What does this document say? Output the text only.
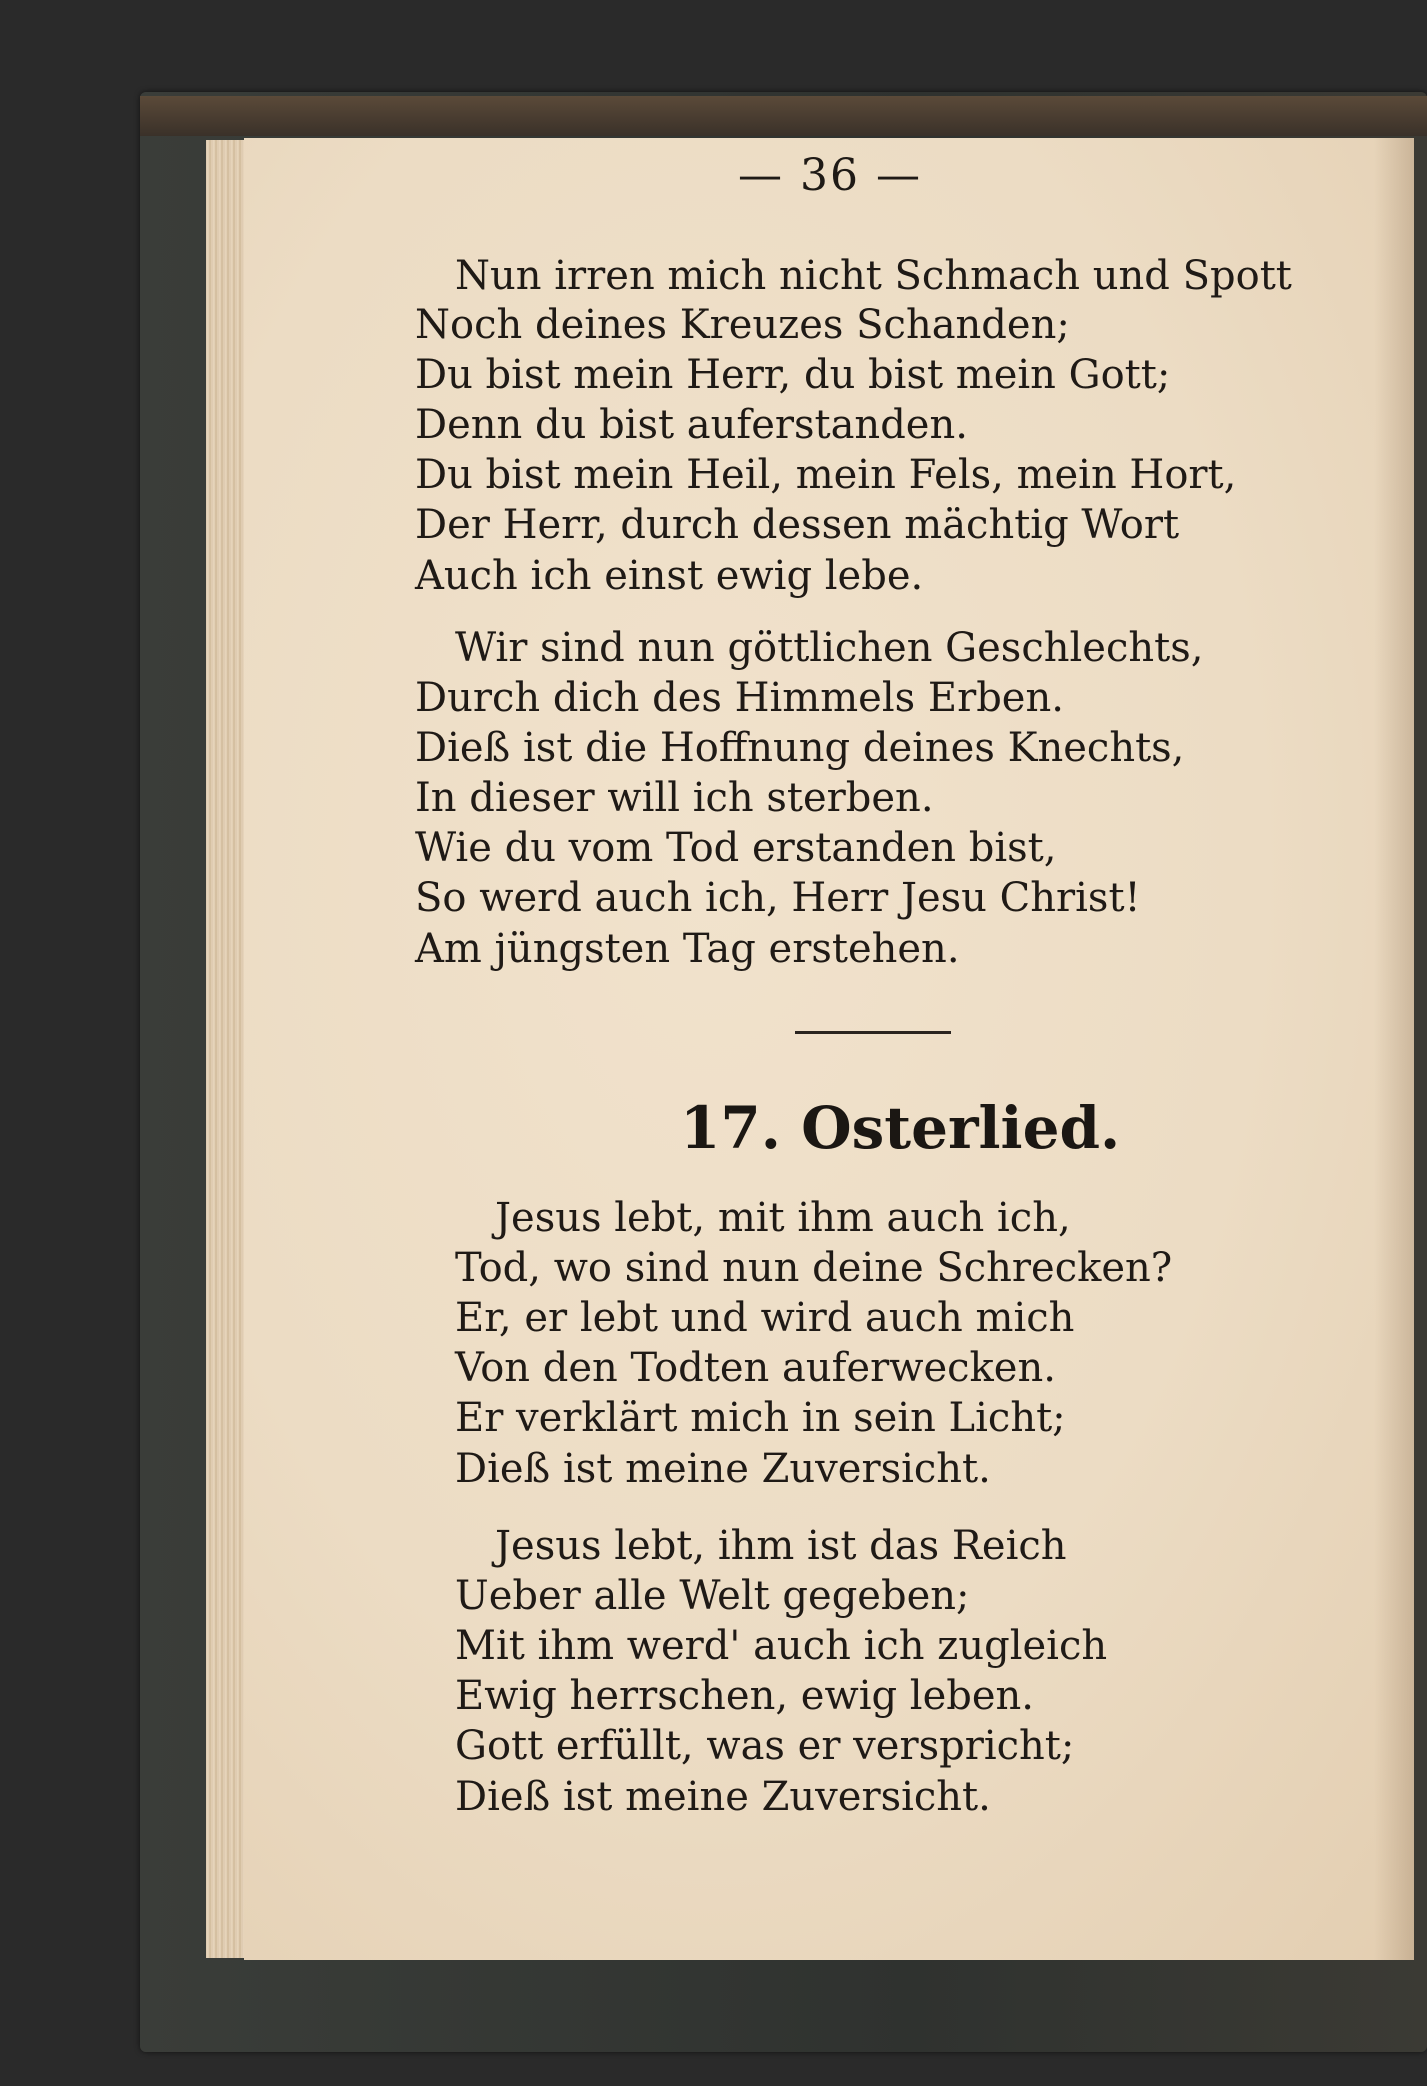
— 36 —
Nun irren mich nicht Schmach und Spott
Noch deines Kreuzes Schanden;
Du bist mein Herr, du bist mein Gott;
Denn du bist auferstanden.
Du bist mein Heil, mein Fels, mein Hort,
Der Herr, durch dessen mächtig Wort
Auch ich einst ewig lebe.
Wir sind nun göttlichen Geschlechts,
Durch dich des Himmels Erben.
Dieß ist die Hoffnung deines Knechts,
In dieser will ich sterben.
Wie du vom Tod erstanden bist,
So werd auch ich, Herr Jesu Christ!
Am jüngsten Tag erstehen.
17. Osterlied.
Jesus lebt, mit ihm auch ich,
Tod, wo sind nun deine Schrecken?
Er, er lebt und wird auch mich
Von den Todten auferwecken.
Er verklärt mich in sein Licht;
Dieß ist meine Zuversicht.
Jesus lebt, ihm ist das Reich
Ueber alle Welt gegeben;
Mit ihm werd' auch ich zugleich
Ewig herrschen, ewig leben.
Gott erfüllt, was er verspricht;
Dieß ist meine Zuversicht.
